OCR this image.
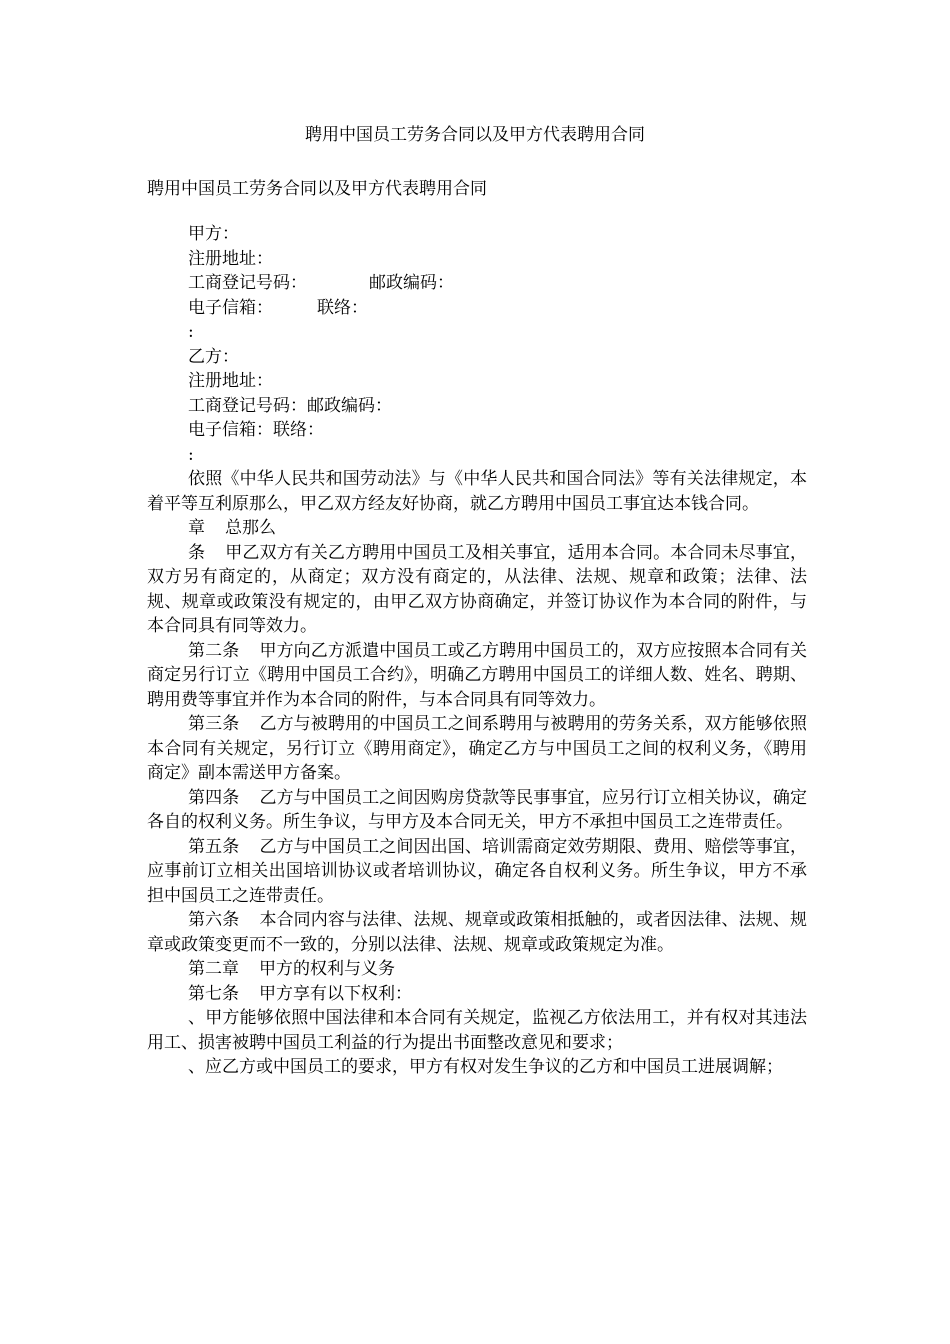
聘用中国员工劳务合同以及甲方代表聘用合同
聘用中国员工劳务合同以及甲方代表聘用合同
甲方：
注册地址：
工商登记号码：	邮政编码：
电子信箱：	联络：
:
乙方：
注册地址：
工商登记号码：邮政编码：
电子信箱：联络：
:

依照《中华人民共和国劳动法》与《中华人民共和国合同法》等有关法律规定，本着平等互利原那么，甲乙双方经友好协商，就乙方聘用中国员工事宜达本钱合同。

章 总那么

条 甲乙双方有关乙方聘用中国员工及相关事宜，适用本合同。本合同未尽事宜，双方另有商定的，从商定；双方没有商定的，从法律、法规、规章和政策；法律、法规、规章或政策没有规定的，由甲乙双方协商确定，并签订协议作为本合同的附件，与本合同具有同等效力。

第二条 甲方向乙方派遣中国员工或乙方聘用中国员工的，双方应按照本合同有关商定另行订立《聘用中国员工合约》，明确乙方聘用中国员工的详细人数、姓名、聘期、聘用费等事宜并作为本合同的附件，与本合同具有同等效力。

第三条 乙方与被聘用的中国员工之间系聘用与被聘用的劳务关系，双方能够依照本合同有关规定，另行订立《聘用商定》，确定乙方与中国员工之间的权利义务，《聘用商定》副本需送甲方备案。

第四条 乙方与中国员工之间因购房贷款等民事事宜，应另行订立相关协议，确定各自的权利义务。所生争议，与甲方及本合同无关，甲方不承担中国员工之连带责任。

第五条 乙方与中国员工之间因出国、培训需商定效劳期限、费用、赔偿等事宜，应事前订立相关出国培训协议或者培训协议，确定各自权利义务。所生争议，甲方不承担中国员工之连带责任。

第六条 本合同内容与法律、法规、规章或政策相抵触的，或者因法律、法规、规章或政策变更而不一致的，分别以法律、法规、规章或政策规定为准。

第二章 甲方的权利与义务

第七条 甲方享有以下权利：

、甲方能够依照中国法律和本合同有关规定，监视乙方依法用工，并有权对其违法用工、损害被聘中国员工利益的行为提出书面整改意见和要求；

、应乙方或中国员工的要求，甲方有权对发生争议的乙方和中国员工进展调解；
